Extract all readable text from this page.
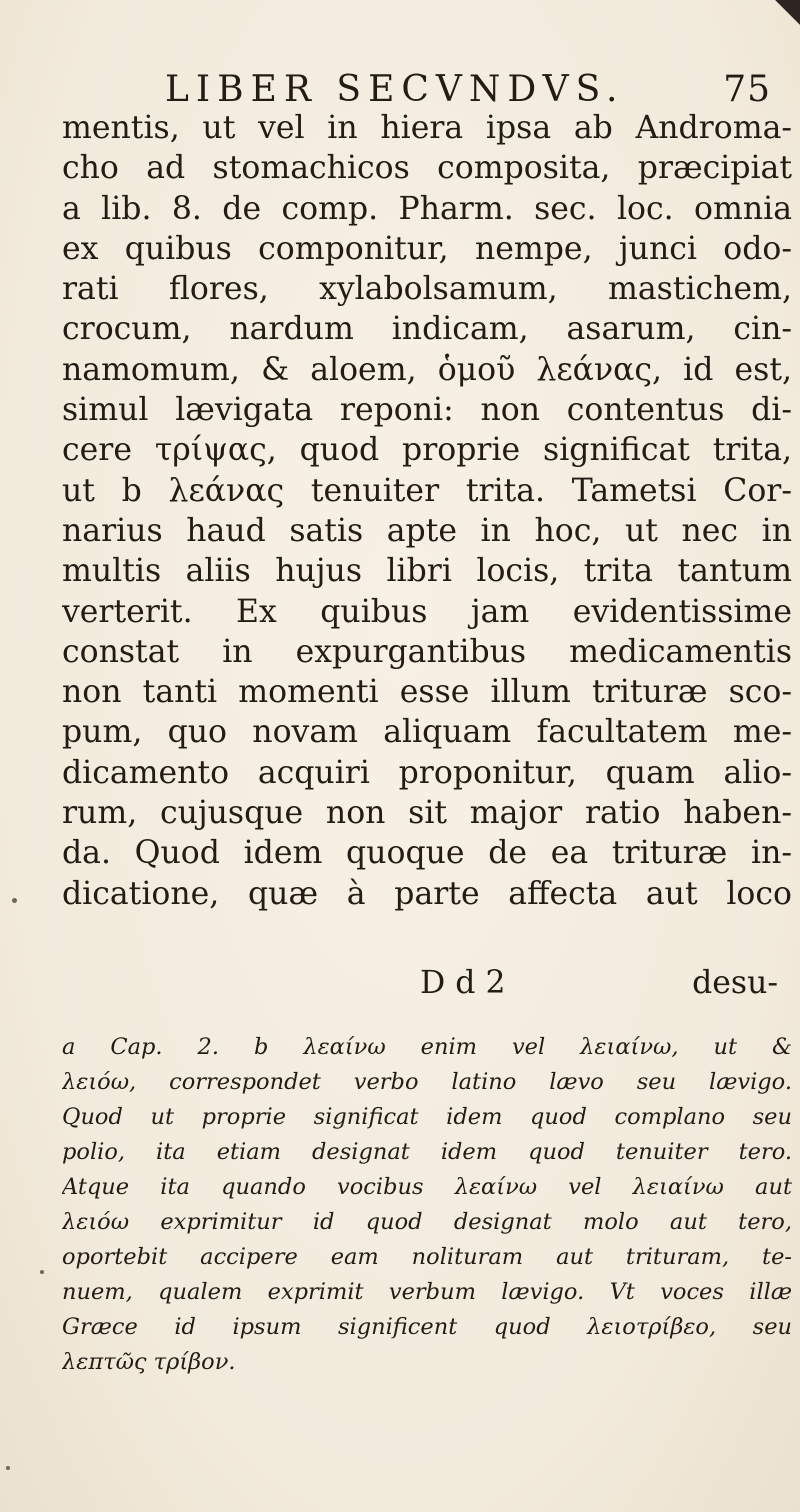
LIBER SECVNDVS.	75
mentis, ut vel in hiera ipsa ab Androma-
cho ad stomachicos composita, præcipiat
a lib. 8. de comp. Pharm. sec. loc. omnia
ex quibus componitur, nempe, junci odo-
rati flores, xylabolsamum, mastichem,
crocum, nardum indicam, asarum, cin-
namomum, & aloem, ὁμοῦ λεάνας, id est,
simul lævigata reponi: non contentus di-
cere τρίψας, quod proprie significat trita,
ut b λεάνας tenuiter trita. Tametsi Cor-
narius haud satis apte in hoc, ut nec in
multis aliis hujus libri locis, trita tantum
verterit. Ex quibus jam evidentissime
constat in expurgantibus medicamentis
non tanti momenti esse illum trituræ sco-
pum, quo novam aliquam facultatem me-
dicamento acquiri proponitur, quam alio-
rum, cujusque non sit major ratio haben-
da. Quod idem quoque de ea trituræ in-
dicatione, quæ à parte affecta aut loco
D d 2	desu-
a Cap. 2. b λεαίνω enim vel λειαίνω, ut &
λειόω, correspondet verbo latino lævo seu lævigo.
Quod ut proprie significat idem quod complano seu
polio, ita etiam designat idem quod tenuiter tero.
Atque ita quando vocibus λεαίνω vel λειαίνω aut
λειόω exprimitur id quod designat molo aut tero,
oportebit accipere eam nolituram aut trituram, te-
nuem, qualem exprimit verbum lævigo. Vt voces illæ
Græce id ipsum significent quod λειοτρίβεο, seu
λεπτῶς τρίβον.
